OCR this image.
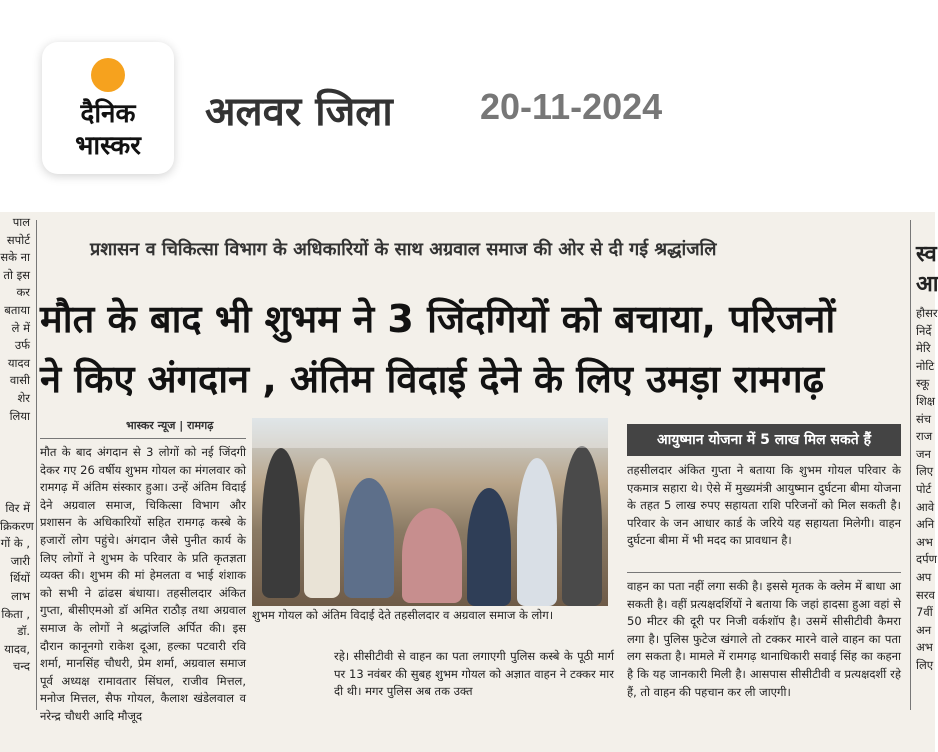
दैनिक
भास्कर
अलवर जिला 20-11-2024
पाल सपोर्ट सके ना तो इस कर बताया ले में उर्फ यादव वासी शेर लिया
विर में क्रिकरण गों के , जारी र्थियों लाभ किता , डॉ. यादव, चन्द
स्व आ
हौसर निर्दे मेरि नोटि स्कू शिक्ष संच राज जन लिए पोर्ट आवे अनि अभ दर्पण अप सरव 7वीं अन अभ लिए
प्रशासन व चिकित्सा विभाग के अधिकारियों के साथ अग्रवाल समाज की ओर से दी गई श्रद्धांजलि
मौत के बाद भी शुभम ने 3 जिंदगियों को बचाया, परिजनों
ने किए अंगदान , अंतिम विदाई देने के लिए उमड़ा रामगढ़
भास्कर न्यूज | रामगढ़
मौत के बाद अंगदान से 3 लोगों को नई जिंदगी देकर गए 26 वर्षीय शुभम गोयल का मंगलवार को रामगढ़ में अंतिम संस्कार हुआ। उन्हें अंतिम विदाई देने अग्रवाल समाज, चिकित्सा विभाग और प्रशासन के अधिकारियों सहित रामगढ़ कस्बे के हजारों लोग पहुंचे। अंगदान जैसे पुनीत कार्य के लिए लोगों ने शुभम के परिवार के प्रति कृतज्ञता व्यक्त की। शुभम की मां हेमलता व भाई शंशाक को सभी ने ढांढस बंधाया। तहसीलदार अंकित गुप्ता, बीसीएमओ डॉ अमित राठौड़ तथा अग्रवाल समाज के लोगों ने श्रद्धांजलि अर्पित की। इस दौरान कानूनगो राकेश दूआ, हल्का पटवारी रवि शर्मा, मानसिंह चौधरी, प्रेम शर्मा, अग्रवाल समाज पूर्व अध्यक्ष रामावतार सिंघल, राजीव मित्तल, मनोज मित्तल, सैफ गोयल, कैलाश खंडेलवाल व नरेन्द्र चौधरी आदि मौजूद
शुभम गोयल को अंतिम विदाई देते तहसीलदार व अग्रवाल समाज के लोग।
रहे। सीसीटीवी से वाहन का पता लगाएगी पुलिस कस्बे के पूठी मार्ग पर 13 नवंबर की सुबह शुभम गोयल को अज्ञात वाहन ने टक्कर मार दी थी। मगर पुलिस अब तक उक्त
आयुष्मान योजना में 5 लाख मिल सकते हैं
तहसीलदार अंकित गुप्ता ने बताया कि शुभम गोयल परिवार के एकमात्र सहारा थे। ऐसे में मुख्यमंत्री आयुष्मान दुर्घटना बीमा योजना के तहत 5 लाख रुपए सहायता राशि परिजनों को मिल सकती है। परिवार के जन आधार कार्ड के जरिये यह सहायता मिलेगी। वाहन दुर्घटना बीमा में भी मदद का प्रावधान है।
वाहन का पता नहीं लगा सकी है। इससे मृतक के क्लेम में बाधा आ सकती है। वहीं प्रत्यक्षदर्शियों ने बताया कि जहां हादसा हुआ वहां से 50 मीटर की दूरी पर निजी वर्कशॉप है। उसमें सीसीटीवी कैमरा लगा है। पुलिस फुटेज खंगाले तो टक्कर मारने वाले वाहन का पता लग सकता है। मामले में रामगढ़ थानाधिकारी सवाई सिंह का कहना है कि यह जानकारी मिली है। आसपास सीसीटीवी व प्रत्यक्षदर्शी रहे हैं, तो वाहन की पहचान कर ली जाएगी।
